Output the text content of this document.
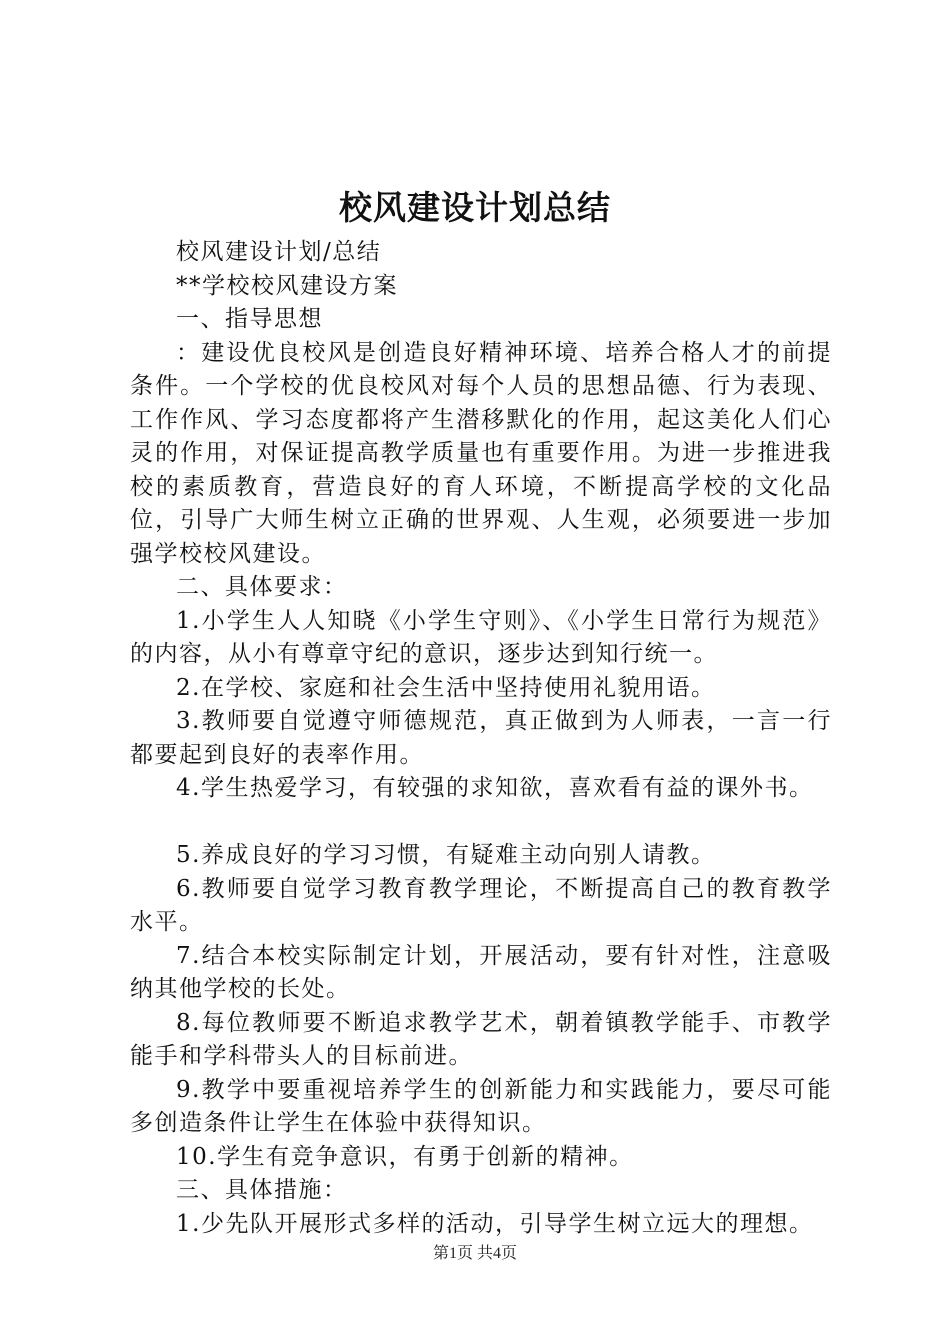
校风建设计划总结

校风建设计划/总结

**学校校风建设方案

一、指导思想

：建设优良校风是创造良好精神环境、培养合格人才的前提条件。一个学校的优良校风对每个人员的思想品德、行为表现、工作作风、学习态度都将产生潜移默化的作用，起这美化人们心灵的作用，对保证提高教学质量也有重要作用。为进一步推进我校的素质教育，营造良好的育人环境，不断提高学校的文化品位，引导广大师生树立正确的世界观、人生观，必须要进一步加强学校校风建设。

二、具体要求：

1.小学生人人知晓《小学生守则》、《小学生日常行为规范》的内容，从小有尊章守纪的意识，逐步达到知行统一。

2.在学校、家庭和社会生活中坚持使用礼貌用语。

3.教师要自觉遵守师德规范，真正做到为人师表，一言一行都要起到良好的表率作用。

4.学生热爱学习，有较强的求知欲，喜欢看有益的课外书。

5.养成良好的学习习惯，有疑难主动向别人请教。

6.教师要自觉学习教育教学理论，不断提高自己的教育教学水平。

7.结合本校实际制定计划，开展活动，要有针对性，注意吸纳其他学校的长处。

8.每位教师要不断追求教学艺术，朝着镇教学能手、市教学能手和学科带头人的目标前进。

9.教学中要重视培养学生的创新能力和实践能力，要尽可能多创造条件让学生在体验中获得知识。

10.学生有竞争意识，有勇于创新的精神。

三、具体措施：

1.少先队开展形式多样的活动，引导学生树立远大的理想。

第1页 共4页
